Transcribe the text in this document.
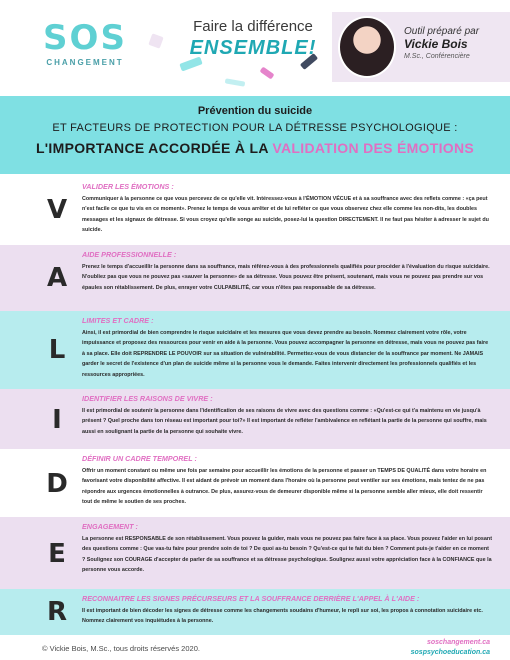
SOS
CHANGEMENT
Faire la différence
ENSEMBLE!
Outil préparé par
Vickie Bois
M.Sc., Conférencière
Prévention du suicide
ET FACTEURS DE PROTECTION POUR LA DÉTRESSE PSYCHOLOGIQUE :
L'IMPORTANCE ACCORDÉE À LA VALIDATION DES ÉMOTIONS
V
VALIDER LES ÉMOTIONS :
Communiquer à la personne ce que vous percevez de ce qu'elle vit. Intéressez-vous à l'ÉMOTION VÉCUE et à sa souffrance avec des reflets comme : «ça peut n'est facile ce que tu vis en ce moment». Prenez le temps de vous arrêter et de lui refléter ce que vous observez chez elle comme les non-dits, les doubles messages et les signaux de détresse. Si vous croyez qu'elle songe au suicide, posez-lui la question DIRECTEMENT. Il ne faut pas hésiter à adresser le sujet du suicide.
A
AIDE PROFESSIONNELLE :
Prenez le temps d'accueillir la personne dans sa souffrance, mais référez-vous à des professionnels qualifiés pour procéder à l'évaluation du risque suicidaire. N'oubliez pas que vous ne pouvez pas «sauver la personne» de sa détresse. Vous pouvez être présent, soutenant, mais vous ne pouvez pas prendre sur vos épaules son rétablissement. De plus, enrayer votre CULPABILITÉ, car vous n'êtes pas responsable de sa détresse.
L
LIMITES ET CADRE :
Ainsi, il est primordial de bien comprendre le risque suicidaire et les mesures que vous devez prendre au besoin. Nommez clairement votre rôle, votre impuissance et proposez des ressources pour venir en aide à la personne. Vous pouvez accompagner la personne en détresse, mais vous ne pouvez pas faire à sa place. Elle doit REPRENDRE LE POUVOIR sur sa situation de vulnérabilité. Permettez-vous de vous distancier de la souffrance par moment. Ne JAMAIS garder le secret de l'existence d'un plan de suicide même si la personne vous le demande. Faites intervenir directement les professionnels qualifiés et les ressources appropriées.
I
IDENTIFIER LES RAISONS DE VIVRE :
Il est primordial de soutenir la personne dans l'identification de ses raisons de vivre avec des questions comme : «Qu'est-ce qui t'a maintenu en vie jusqu'à présent ? Quel proche dans ton réseau est important pour toi?» Il est important de refléter l'ambivalence en reflétant la partie de la personne qui souffre, mais aussi en soulignant la partie de la personne qui souhaite vivre.
D
DÉFINIR UN CADRE TEMPOREL :
Offrir un moment constant ou même une fois par semaine pour accueillir les émotions de la personne et passer un TEMPS DE QUALITÉ dans votre horaire en favorisant votre disponibilité affective. Il est aidant de prévoir un moment dans l'horaire où la personne peut ventiler sur ses émotions, mais tentez de ne pas répondre aux urgences émotionnelles à outrance. De plus, assurez-vous de demeurer disponible même si la personne semble aller mieux, elle doit ressentir tout de même le soutien de ses proches.
E
ENGAGEMENT :
La personne est RESPONSABLE de son rétablissement. Vous pouvez la guider, mais vous ne pouvez pas faire face à sa place. Vous pouvez l'aider en lui posant des questions comme : Que vas-tu faire pour prendre soin de toi ? De quoi as-tu besoin ? Qu'est-ce qui te fait du bien ? Comment puis-je t'aider en ce moment ? Soulignez son COURAGE d'accepter de parler de sa souffrance et sa détresse psychologique. Soulignez aussi votre appréciation face à la CONFIANCE que la personne vous accorde.
R	RECONNAITRE LES SIGNES PRÉCURSEURS ET LA SOUFFRANCE DERRIÈRE L'APPEL À L'AIDE :
Il est important de bien décoder les signes de détresse comme les changements soudains d'humeur, le repli sur soi, les propos à connotation suicidaire etc. Nommez clairement vos inquiétudes à la personne.
© Vickie Bois, M.Sc., tous droits réservés 2020.
soschangement.ca
sospsychoeducation.ca
